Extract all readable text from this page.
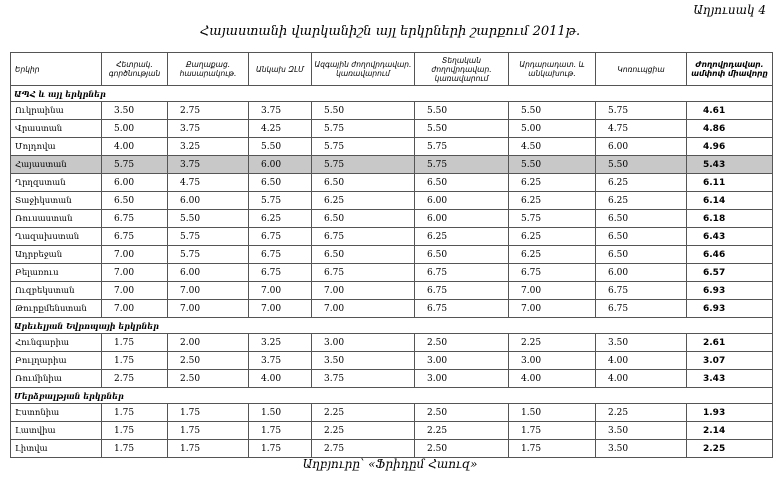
Աղյուսակ 4
Հայաստանի վարկանիշն այլ երկրների շարքում 2011թ.
Երկիր	Հետրակ. գործնության	Քաղաքաց. հասարակութ.	Անկախ ԶԼՄ	Ազգային ժողովրդավար. կառավարում	Տեղական ժողովրդավար. կառավարում	Արդարադատ. և անկախութ.	Կոռուպցիա	Ժողովրդավար. ամփոփ միավորը
ԱՊՀ և այլ երկրներ								
Ուկրաինա	3.50	2.75	3.75	5.50	5.50	5.50	5.75	4.61
Վրաստան	5.00	3.75	4.25	5.75	5.50	5.00	4.75	4.86
Մոլդովա	4.00	3.25	5.50	5.75	5.75	4.50	6.00	4.96
Հայաստան	5.75	3.75	6.00	5.75	5.75	5.50	5.50	5.43
Ղրղզստան	6.00	4.75	6.50	6.50	6.50	6.25	6.25	6.11
Տաջիկստան	6.50	6.00	5.75	6.25	6.00	6.25	6.25	6.14
Ռուսաստան	6.75	5.50	6.25	6.50	6.00	5.75	6.50	6.18
Ղազախստան	6.75	5.75	6.75	6.75	6.25	6.25	6.50	6.43
Ադրբեջան	7.00	5.75	6.75	6.50	6.50	6.25	6.50	6.46
Բելառուս	7.00	6.00	6.75	6.75	6.75	6.75	6.00	6.57
Ուզբեկստան	7.00	7.00	7.00	7.00	6.75	7.00	6.75	6.93
Թուրքմենստան	7.00	7.00	7.00	7.00	6.75	7.00	6.75	6.93
Արեւելյան Եվրոպայի երկրներ								
Հունգարիա	1.75	2.00	3.25	3.00	2.50	2.25	3.50	2.61
Բուլղարիա	1.75	2.50	3.75	3.50	3.00	3.00	4.00	3.07
Ռումինիա	2.75	2.50	4.00	3.75	3.00	4.00	4.00	3.43
Մերձբալթյան երկրներ								
Էստոնիա	1.75	1.75	1.50	2.25	2.50	1.50	2.25	1.93
Լատվիա	1.75	1.75	1.75	2.25	2.25	1.75	3.50	2.14
Լիտվա	1.75	1.75	1.75	2.75	2.50	1.75	3.50	2.25
Աղբյուրը՝ «Ֆրիդըմ Հաուզ»
